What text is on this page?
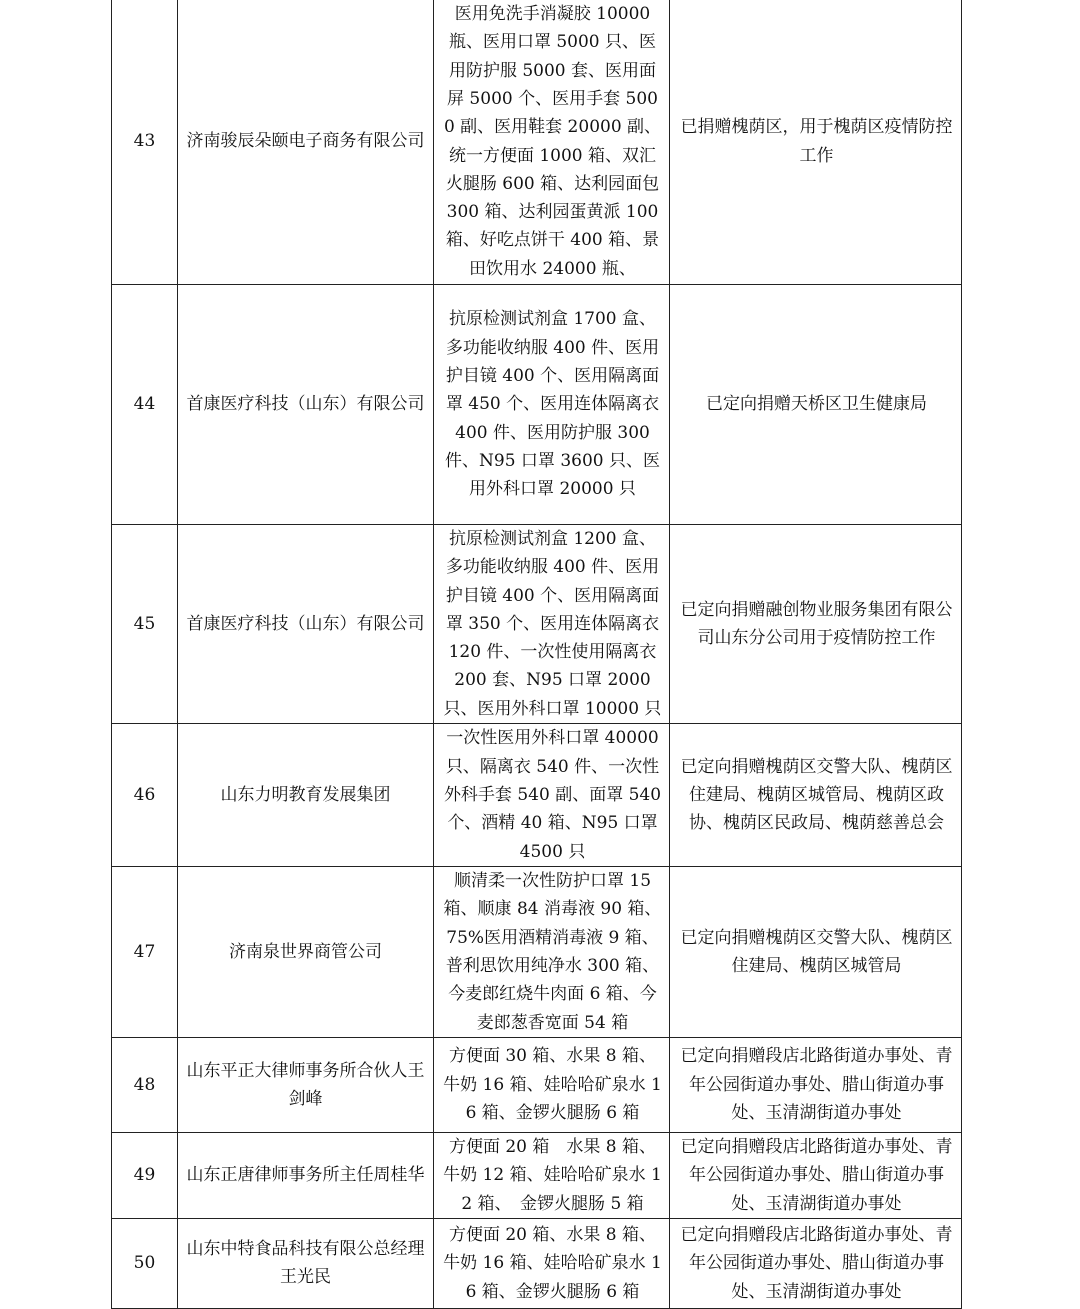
43	济南骏辰朵颐电子商务有限公司	医用免洗手消凝胶 10000 瓶、医用口罩 5000 只、医用防护服 5000 套、医用面屏 5000 个、医用手套 5000 副、医用鞋套 20000 副、统一方便面 1000 箱、双汇火腿肠 600 箱、达利园面包 300 箱、达利园蛋黄派 100 箱、好吃点饼干 400 箱、景田饮用水 24000 瓶、	已捐赠槐荫区，用于槐荫区疫情防控工作

44	首康医疗科技（山东）有限公司	抗原检测试剂盒 1700 盒、多功能收纳服 400 件、医用护目镜 400 个、医用隔离面罩 450 个、医用连体隔离衣 400 件、医用防护服 300 件、N95 口罩 3600 只、医用外科口罩 20000 只	已定向捐赠天桥区卫生健康局

45	首康医疗科技（山东）有限公司	抗原检测试剂盒 1200 盒、多功能收纳服 400 件、医用护目镜 400 个、医用隔离面罩 350 个、医用连体隔离衣 120 件、一次性使用隔离衣 200 套、N95 口罩 2000 只、医用外科口罩 10000 只	已定向捐赠融创物业服务集团有限公司山东分公司用于疫情防控工作

46	山东力明教育发展集团	一次性医用外科口罩 40000 只、隔离衣 540 件、一次性外科手套 540 副、面罩 540 个、酒精 40 箱、N95 口罩 4500 只	已定向捐赠槐荫区交警大队、槐荫区住建局、槐荫区城管局、槐荫区政协、槐荫区民政局、槐荫慈善总会

47	济南泉世界商管公司	顺清柔一次性防护口罩 15 箱、顺康 84 消毒液 90 箱、75%医用酒精消毒液 9 箱、普利思饮用纯净水 300 箱、今麦郎红烧牛肉面 6 箱、今麦郎葱香宽面 54 箱	已定向捐赠槐荫区交警大队、槐荫区住建局、槐荫区城管局

48	山东平正大律师事务所合伙人王剑峰	方便面 30 箱、水果 8 箱、牛奶 16 箱、娃哈哈矿泉水 16 箱、金锣火腿肠 6 箱	已定向捐赠段店北路街道办事处、青年公园街道办事处、腊山街道办事处、玉清湖街道办事处

49	山东正唐律师事务所主任周桂华	方便面 20 箱　水果 8 箱、牛奶 12 箱、娃哈哈矿泉水 12 箱、　金锣火腿肠 5 箱	已定向捐赠段店北路街道办事处、青年公园街道办事处、腊山街道办事处、玉清湖街道办事处

50	山东中特食品科技有限公总经理王光民	方便面 20 箱、水果 8 箱、牛奶 16 箱、娃哈哈矿泉水 16 箱、金锣火腿肠 6 箱	已定向捐赠段店北路街道办事处、青年公园街道办事处、腊山街道办事处、玉清湖街道办事处
